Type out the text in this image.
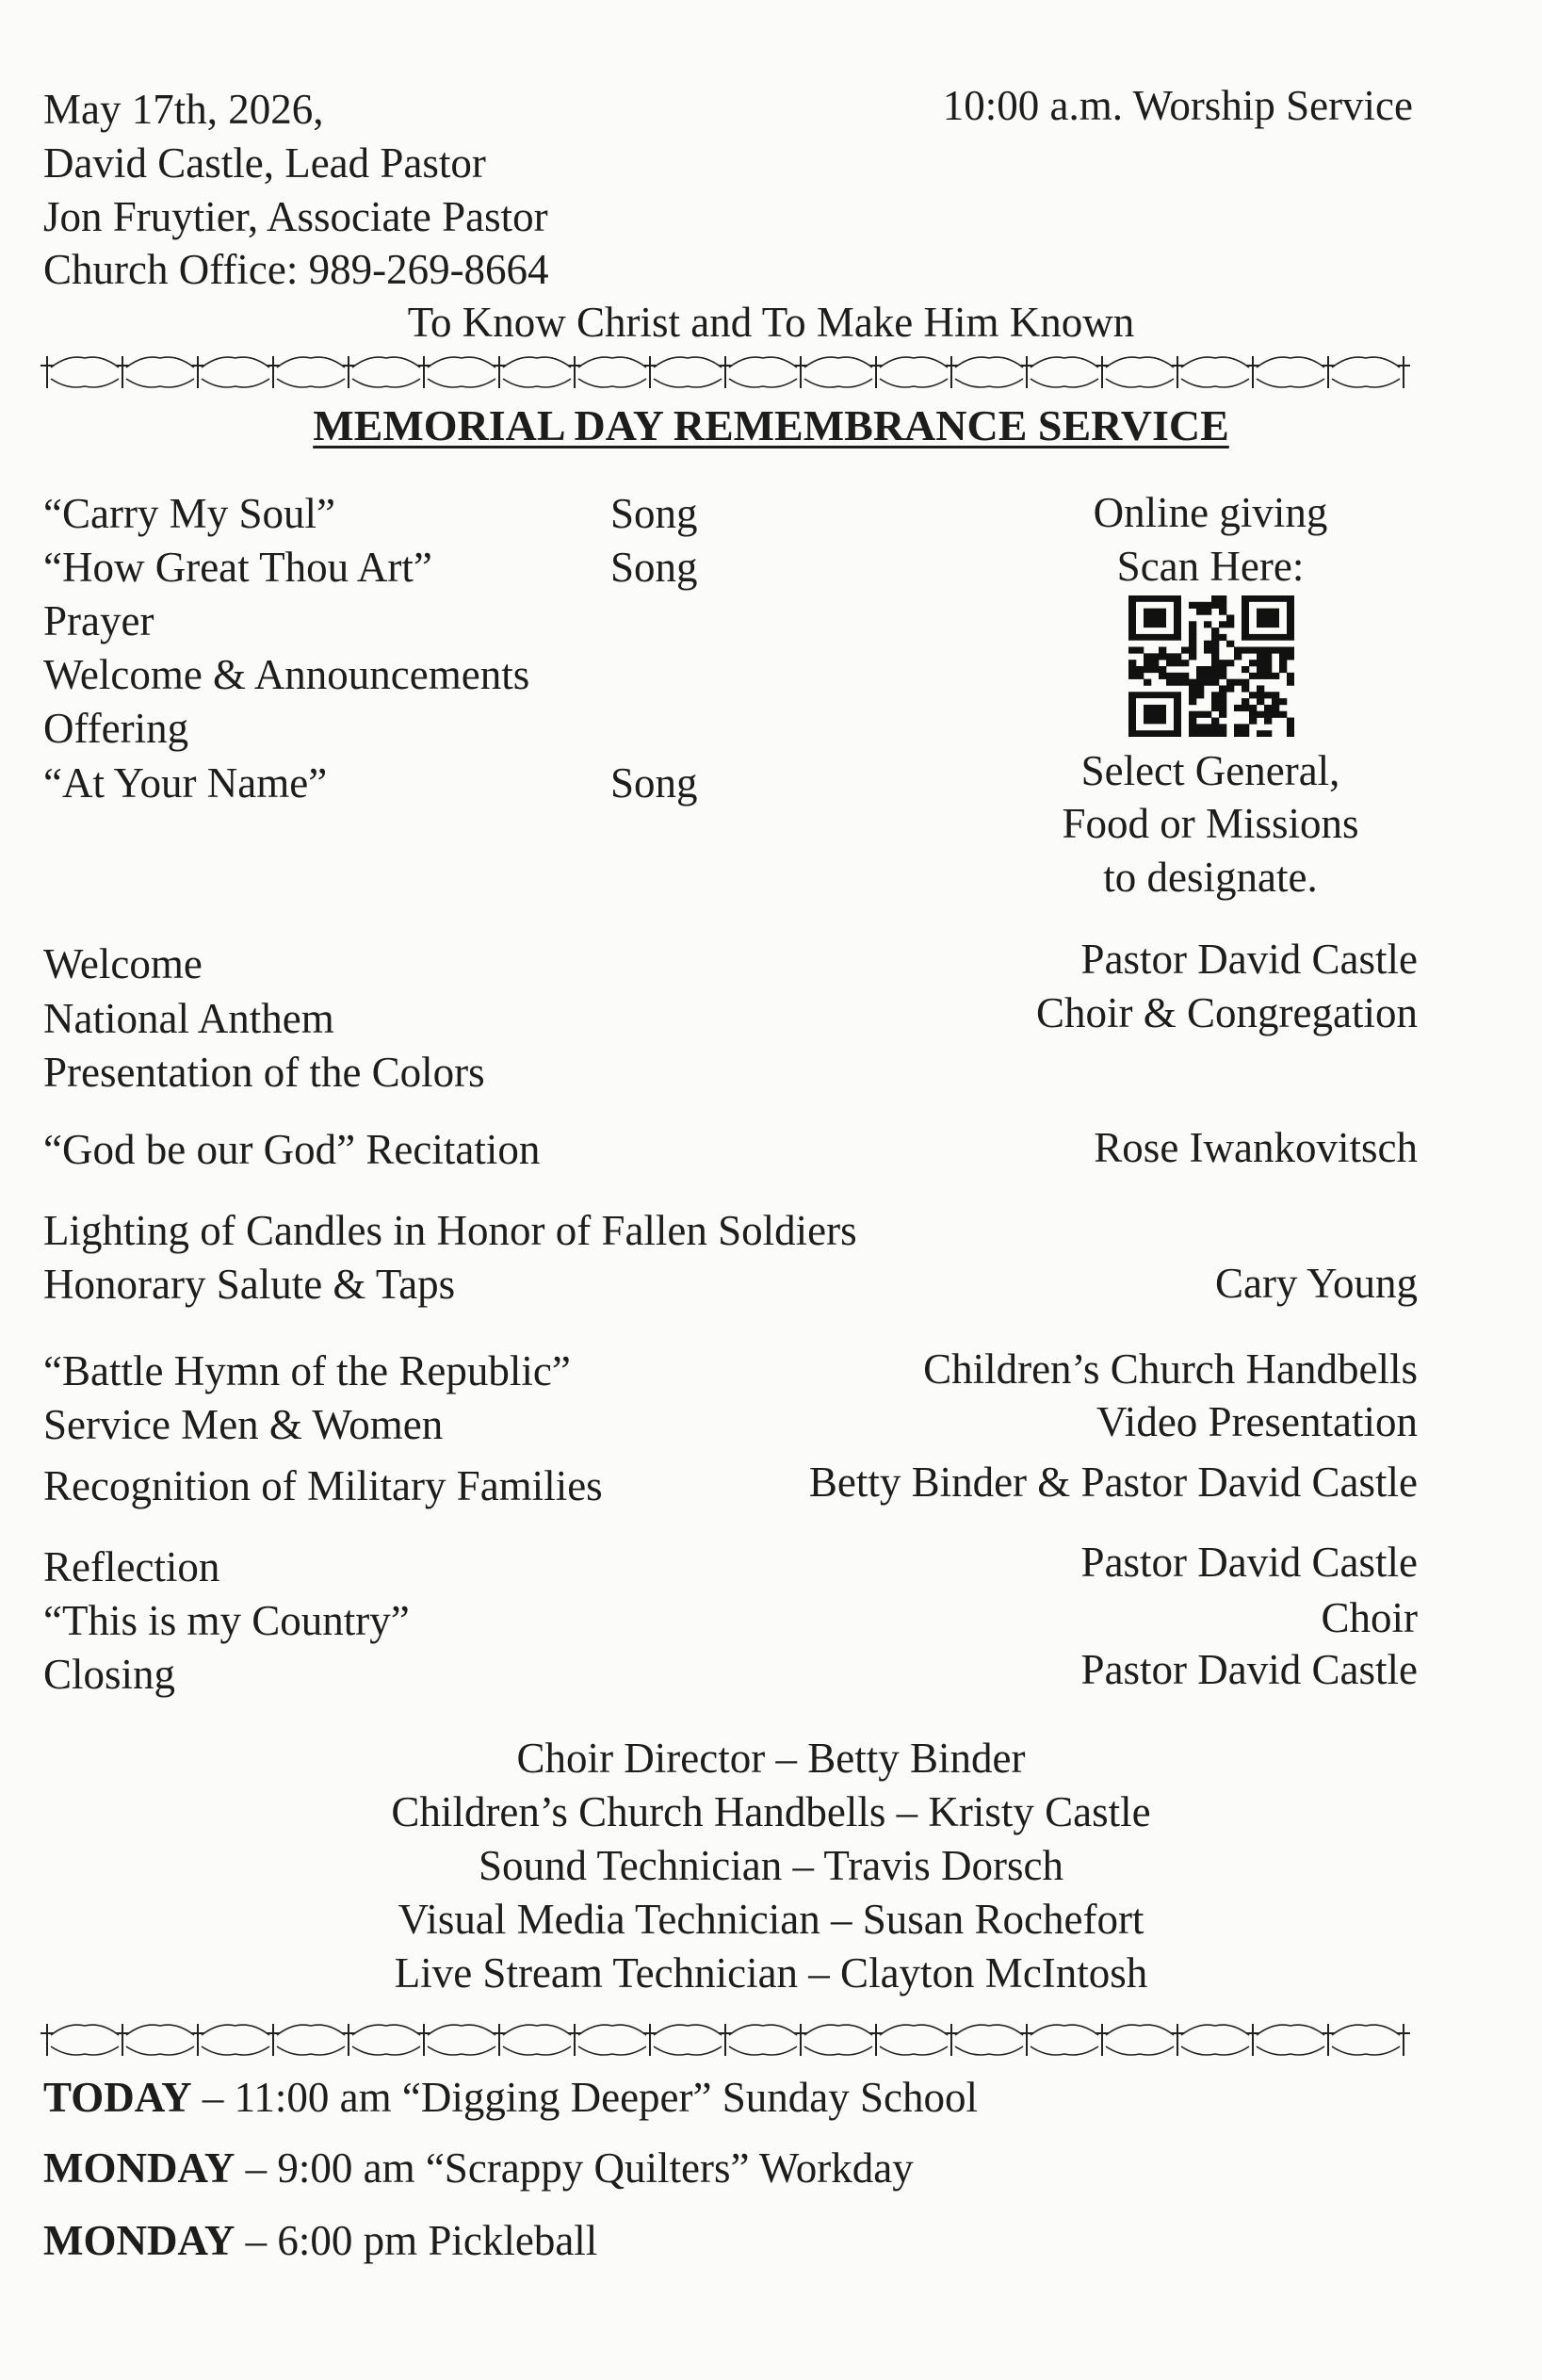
May 17th, 2026,	10:00 a.m. Worship Service
David Castle, Lead Pastor
Jon Fruytier, Associate Pastor
Church Office: 989-269-8664
To Know Christ and To Make Him Known
MEMORIAL DAY REMEMBRANCE SERVICE
“Carry My Soul”	Song
“How Great Thou Art”	Song
Prayer
Welcome & Announcements
Offering
“At Your Name”	Song
Online giving
Scan Here:
Select General,
Food or Missions
to designate.
Welcome	Pastor David Castle
National Anthem	Choir & Congregation
Presentation of the Colors
“God be our God” Recitation	Rose Iwankovitsch
Lighting of Candles in Honor of Fallen Soldiers
Honorary Salute & Taps	Cary Young
“Battle Hymn of the Republic”	Children’s Church Handbells
Service Men & Women	Video Presentation
Recognition of Military Families	Betty Binder & Pastor David Castle
Reflection	Pastor David Castle
“This is my Country”	Choir
Closing	Pastor David Castle
Choir Director – Betty Binder
Children’s Church Handbells – Kristy Castle
Sound Technician – Travis Dorsch
Visual Media Technician – Susan Rochefort
Live Stream Technician – Clayton McIntosh
TODAY – 11:00 am “Digging Deeper” Sunday School
MONDAY – 9:00 am “Scrappy Quilters” Workday
MONDAY – 6:00 pm Pickleball
